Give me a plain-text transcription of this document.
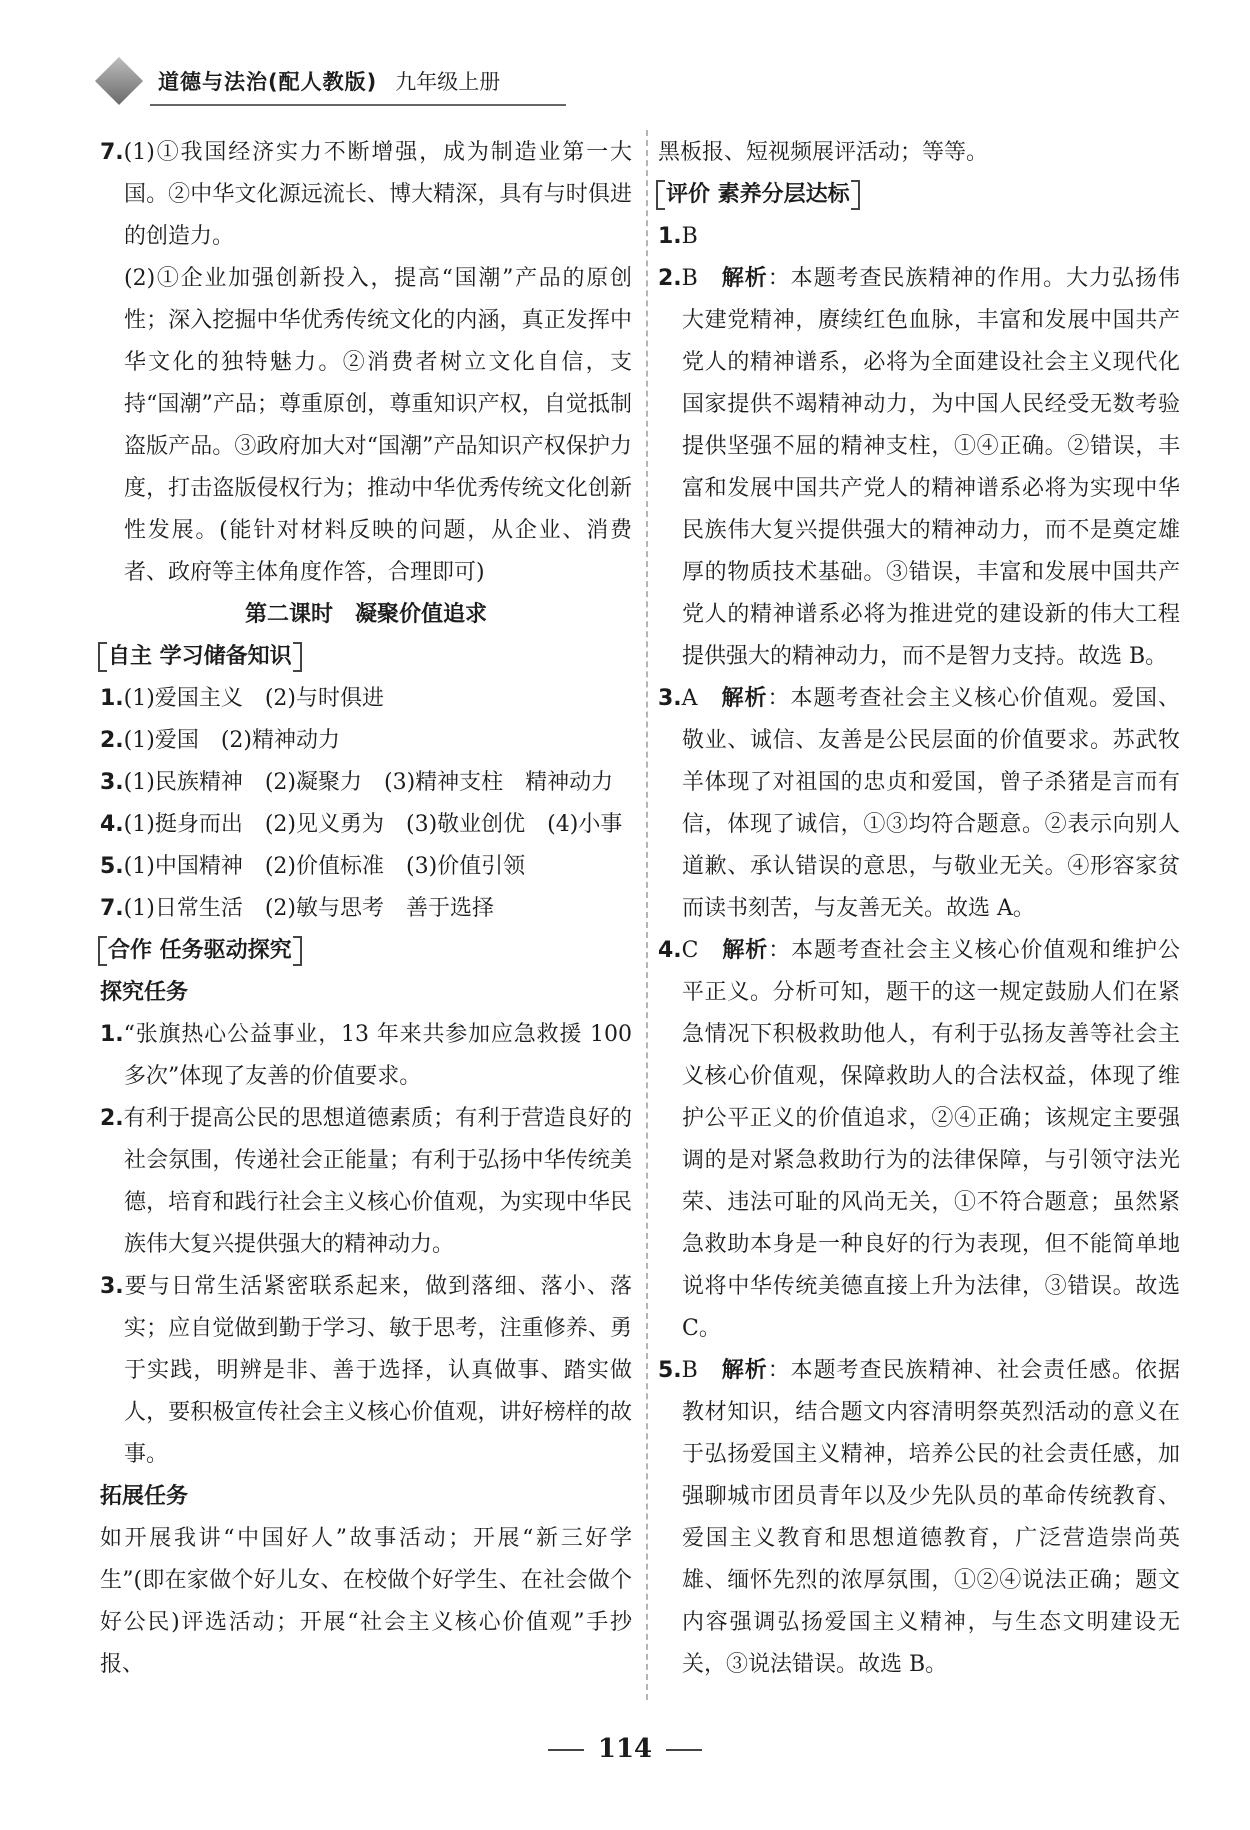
道德与法治(配人教版) 九年级上册

7.(1)①我国经济实力不断增强，成为制造业第一大国。②中华文化源远流长、博大精深，具有与时俱进的创造力。

(2)①企业加强创新投入，提高“国潮”产品的原创性；深入挖掘中华优秀传统文化的内涵，真正发挥中华文化的独特魅力。②消费者树立文化自信，支持“国潮”产品；尊重原创，尊重知识产权，自觉抵制盗版产品。③政府加大对“国潮”产品知识产权保护力度，打击盗版侵权行为；推动中华优秀传统文化创新性发展。(能针对材料反映的问题，从企业、消费者、政府等主体角度作答，合理即可)

第二课时　凝聚价值追求

自主 学习储备知识

1.(1)爱国主义　(2)与时俱进

2.(1)爱国　(2)精神动力

3.(1)民族精神　(2)凝聚力　(3)精神支柱　精神动力

4.(1)挺身而出　(2)见义勇为　(3)敬业创优　(4)小事

5.(1)中国精神　(2)价值标准　(3)价值引领

7.(1)日常生活　(2)敏与思考　善于选择

合作 任务驱动探究

探究任务

1.“张旗热心公益事业，13 年来共参加应急救援 100 多次”体现了友善的价值要求。

2.有利于提高公民的思想道德素质；有利于营造良好的社会氛围，传递社会正能量；有利于弘扬中华传统美德，培育和践行社会主义核心价值观，为实现中华民族伟大复兴提供强大的精神动力。

3.要与日常生活紧密联系起来，做到落细、落小、落实；应自觉做到勤于学习、敏于思考，注重修养、勇于实践，明辨是非、善于选择，认真做事、踏实做人，要积极宣传社会主义核心价值观，讲好榜样的故事。

拓展任务

如开展我讲“中国好人”故事活动；开展“新三好学生”(即在家做个好儿女、在校做个好学生、在社会做个好公民)评选活动；开展“社会主义核心价值观”手抄报、

黑板报、短视频展评活动；等等。

评价 素养分层达标

1.B

2.B　 解析：本题考查民族精神的作用。大力弘扬伟大建党精神，赓续红色血脉，丰富和发展中国共产党人的精神谱系，必将为全面建设社会主义现代化国家提供不竭精神动力，为中国人民经受无数考验提供坚强不屈的精神支柱，①④正确。②错误，丰富和发展中国共产党人的精神谱系必将为实现中华民族伟大复兴提供强大的精神动力，而不是奠定雄厚的物质技术基础。③错误，丰富和发展中国共产党人的精神谱系必将为推进党的建设新的伟大工程提供强大的精神动力，而不是智力支持。故选 B。

3.A　 解析：本题考查社会主义核心价值观。爱国、敬业、诚信、友善是公民层面的价值要求。苏武牧羊体现了对祖国的忠贞和爱国，曾子杀猪是言而有信，体现了诚信，①③均符合题意。②表示向别人道歉、承认错误的意思，与敬业无关。④形容家贫而读书刻苦，与友善无关。故选 A。

4.C　 解析：本题考查社会主义核心价值观和维护公平正义。分析可知，题干的这一规定鼓励人们在紧急情况下积极救助他人，有利于弘扬友善等社会主义核心价值观，保障救助人的合法权益，体现了维护公平正义的价值追求，②④正确；该规定主要强调的是对紧急救助行为的法律保障，与引领守法光荣、违法可耻的风尚无关，①不符合题意；虽然紧急救助本身是一种良好的行为表现，但不能简单地说将中华传统美德直接上升为法律，③错误。故选 C。

5.B　 解析：本题考查民族精神、社会责任感。依据教材知识，结合题文内容清明祭英烈活动的意义在于弘扬爱国主义精神，培养公民的社会责任感，加强聊城市团员青年以及少先队员的革命传统教育、爱国主义教育和思想道德教育，广泛营造崇尚英雄、缅怀先烈的浓厚氛围，①②④说法正确；题文内容强调弘扬爱国主义精神，与生态文明建设无关，③说法错误。故选 B。

114
